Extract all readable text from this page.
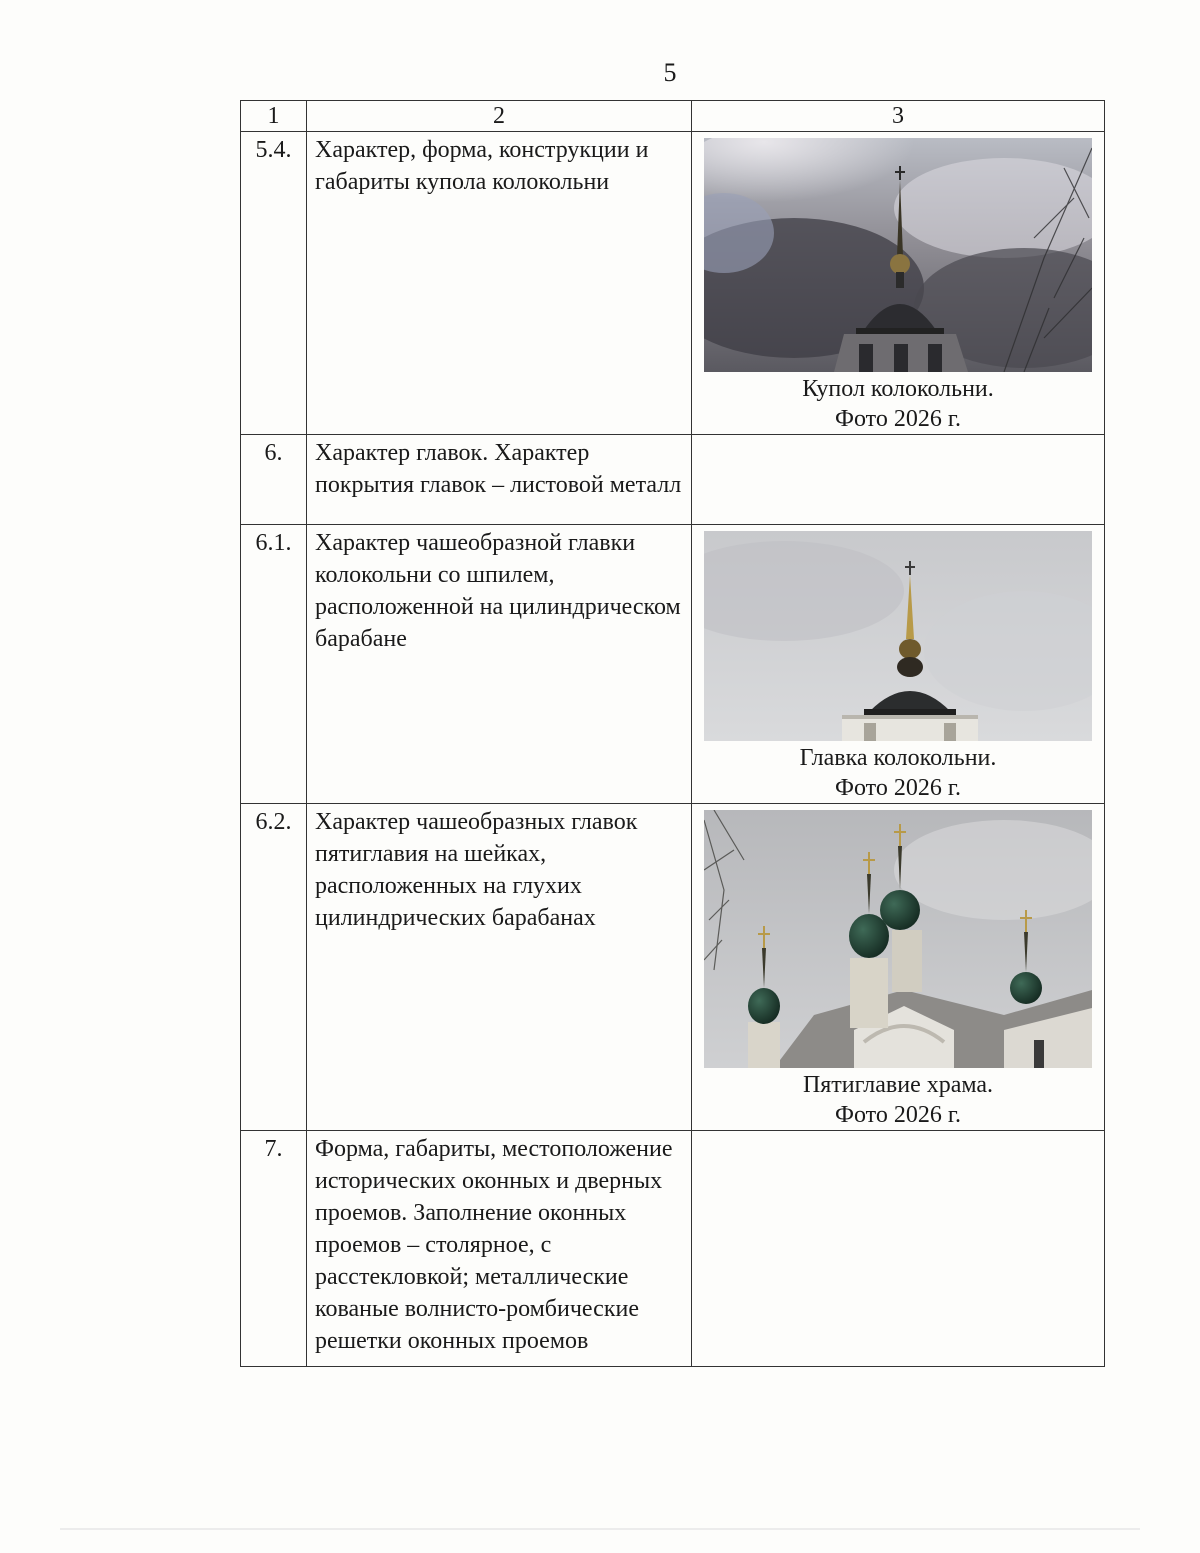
5
1	2	3
5.4.	Характер, форма, конструкции и габариты купола колокольни	Купол колокольни.
Фото 2026 г.

6.	Характер главок. Характер покрытия главок – листовой металл	
6.1.	Характер чашеобразной главки колокольни со шпилем, расположенной на цилиндрическом барабане	Главка колокольни.
Фото 2026 г.

6.2.	Характер чашеобразных главок пятиглавия на шейках, расположенных на глухих цилиндрических барабанах	Пятиглавие храма.
Фото 2026 г.

7.	Форма, габариты, местоположение исторических оконных и дверных проемов. Заполнение оконных проемов – столярное, с расстекловкой; металлические кованые волнисто-ромбические решетки оконных проемов	
